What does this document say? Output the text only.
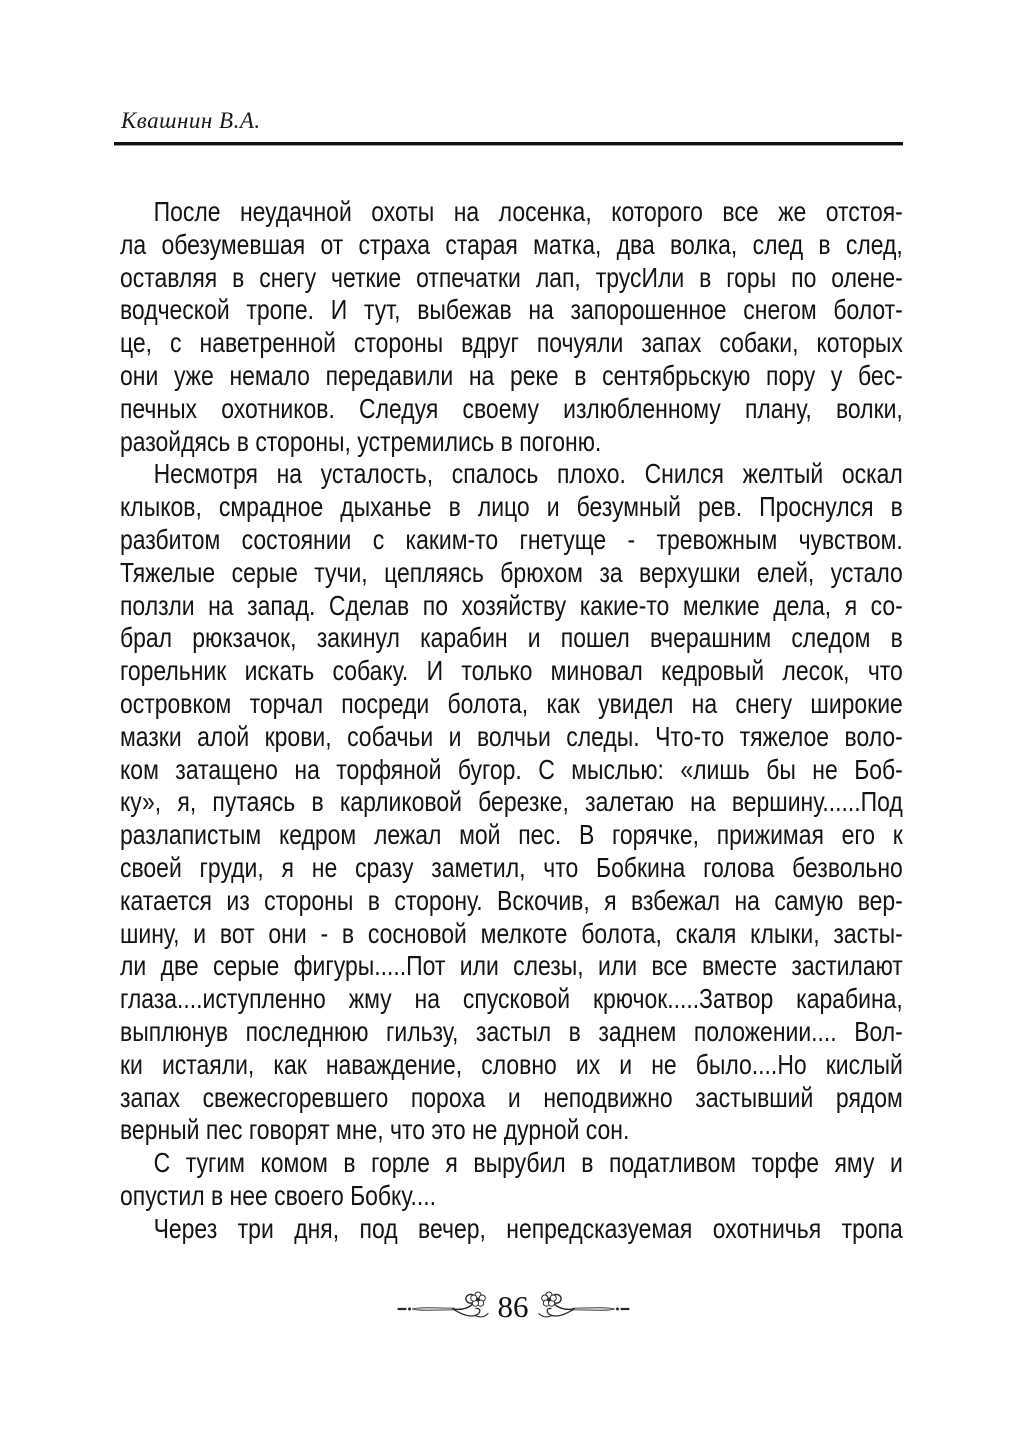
Квашнин В.А.
После неудачной охоты на лосенка, которого все же отстоя-
ла обезумевшая от страха старая матка, два волка, след в след,
оставляя в снегу четкие отпечатки лап, трусИли в горы по олене-
водческой тропе. И тут, выбежав на запорошенное снегом болот-
це, с наветренной стороны вдруг почуяли запах собаки, которых
они уже немало передавили на реке в сентябрьскую пору у бес-
печных охотников. Следуя своему излюбленному плану, волки,
разойдясь в стороны, устремились в погоню.
Несмотря на усталость, спалось плохо. Снился желтый оскал
клыков, смрадное дыханье в лицо и безумный рев. Проснулся в
разбитом состоянии с каким-то гнетуще - тревожным чувством.
Тяжелые серые тучи, цепляясь брюхом за верхушки елей, устало
ползли на запад. Сделав по хозяйству какие-то мелкие дела, я со-
брал рюкзачок, закинул карабин и пошел вчерашним следом в
горельник искать собаку. И только миновал кедровый лесок, что
островком торчал посреди болота, как увидел на снегу широкие
мазки алой крови, собачьи и волчьи следы. Что-то тяжелое воло-
ком затащено на торфяной бугор. С мыслью: «лишь бы не Боб-
ку», я, путаясь в карликовой березке, залетаю на вершину......Под
разлапистым кедром лежал мой пес. В горячке, прижимая его к
своей груди, я не сразу заметил, что Бобкина голова безвольно
катается из стороны в сторону. Вскочив, я взбежал на самую вер-
шину, и вот они - в сосновой мелкоте болота, скаля клыки, засты-
ли две серые фигуры.....Пот или слезы, или все вместе застилают
глаза....иступленно жму на спусковой крючок.....Затвор карабина,
выплюнув последнюю гильзу, застыл в заднем положении.... Вол-
ки истаяли, как наваждение, словно их и не было....Но кислый
запах свежесгоревшего пороха и неподвижно застывший рядом
верный пес говорят мне, что это не дурной сон.
С тугим комом в горле я вырубил в податливом торфе яму и
опустил в нее своего Бобку....
Через три дня, под вечер, непредсказуемая охотничья тропа
86
